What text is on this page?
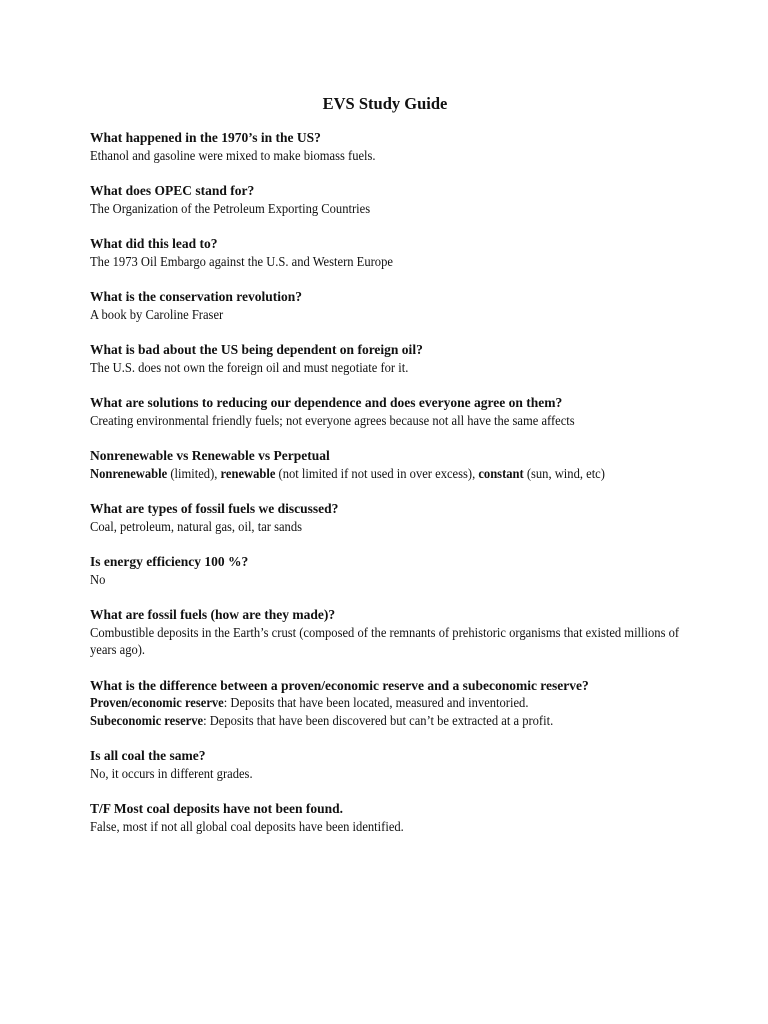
EVS Study Guide
What happened in the 1970’s in the US?
Ethanol and gasoline were mixed to make biomass fuels.
What does OPEC stand for?
The Organization of the Petroleum Exporting Countries
What did this lead to?
The 1973 Oil Embargo against the U.S. and Western Europe
What is the conservation revolution?
A book by Caroline Fraser
What is bad about the US being dependent on foreign oil?
The U.S. does not own the foreign oil and must negotiate for it.
What are solutions to reducing our dependence and does everyone agree on them?
Creating environmental friendly fuels; not everyone agrees because not all have the same affects
Nonrenewable vs Renewable vs Perpetual
Nonrenewable (limited), renewable (not limited if not used in over excess), constant (sun, wind, etc)
What are types of fossil fuels we discussed?
Coal, petroleum, natural gas, oil, tar sands
Is energy efficiency 100 %?
No
What are fossil fuels (how are they made)?
Combustible deposits in the Earth’s crust (composed of the remnants of prehistoric organisms that existed millions of years ago).
What is the difference between a proven/economic reserve and a subeconomic reserve?
Proven/economic reserve: Deposits that have been located, measured and inventoried.
Subeconomic reserve: Deposits that have been discovered but can’t be extracted at a profit.
Is all coal the same?
No, it occurs in different grades.
T/F Most coal deposits have not been found.
False, most if not all global coal deposits have been identified.
